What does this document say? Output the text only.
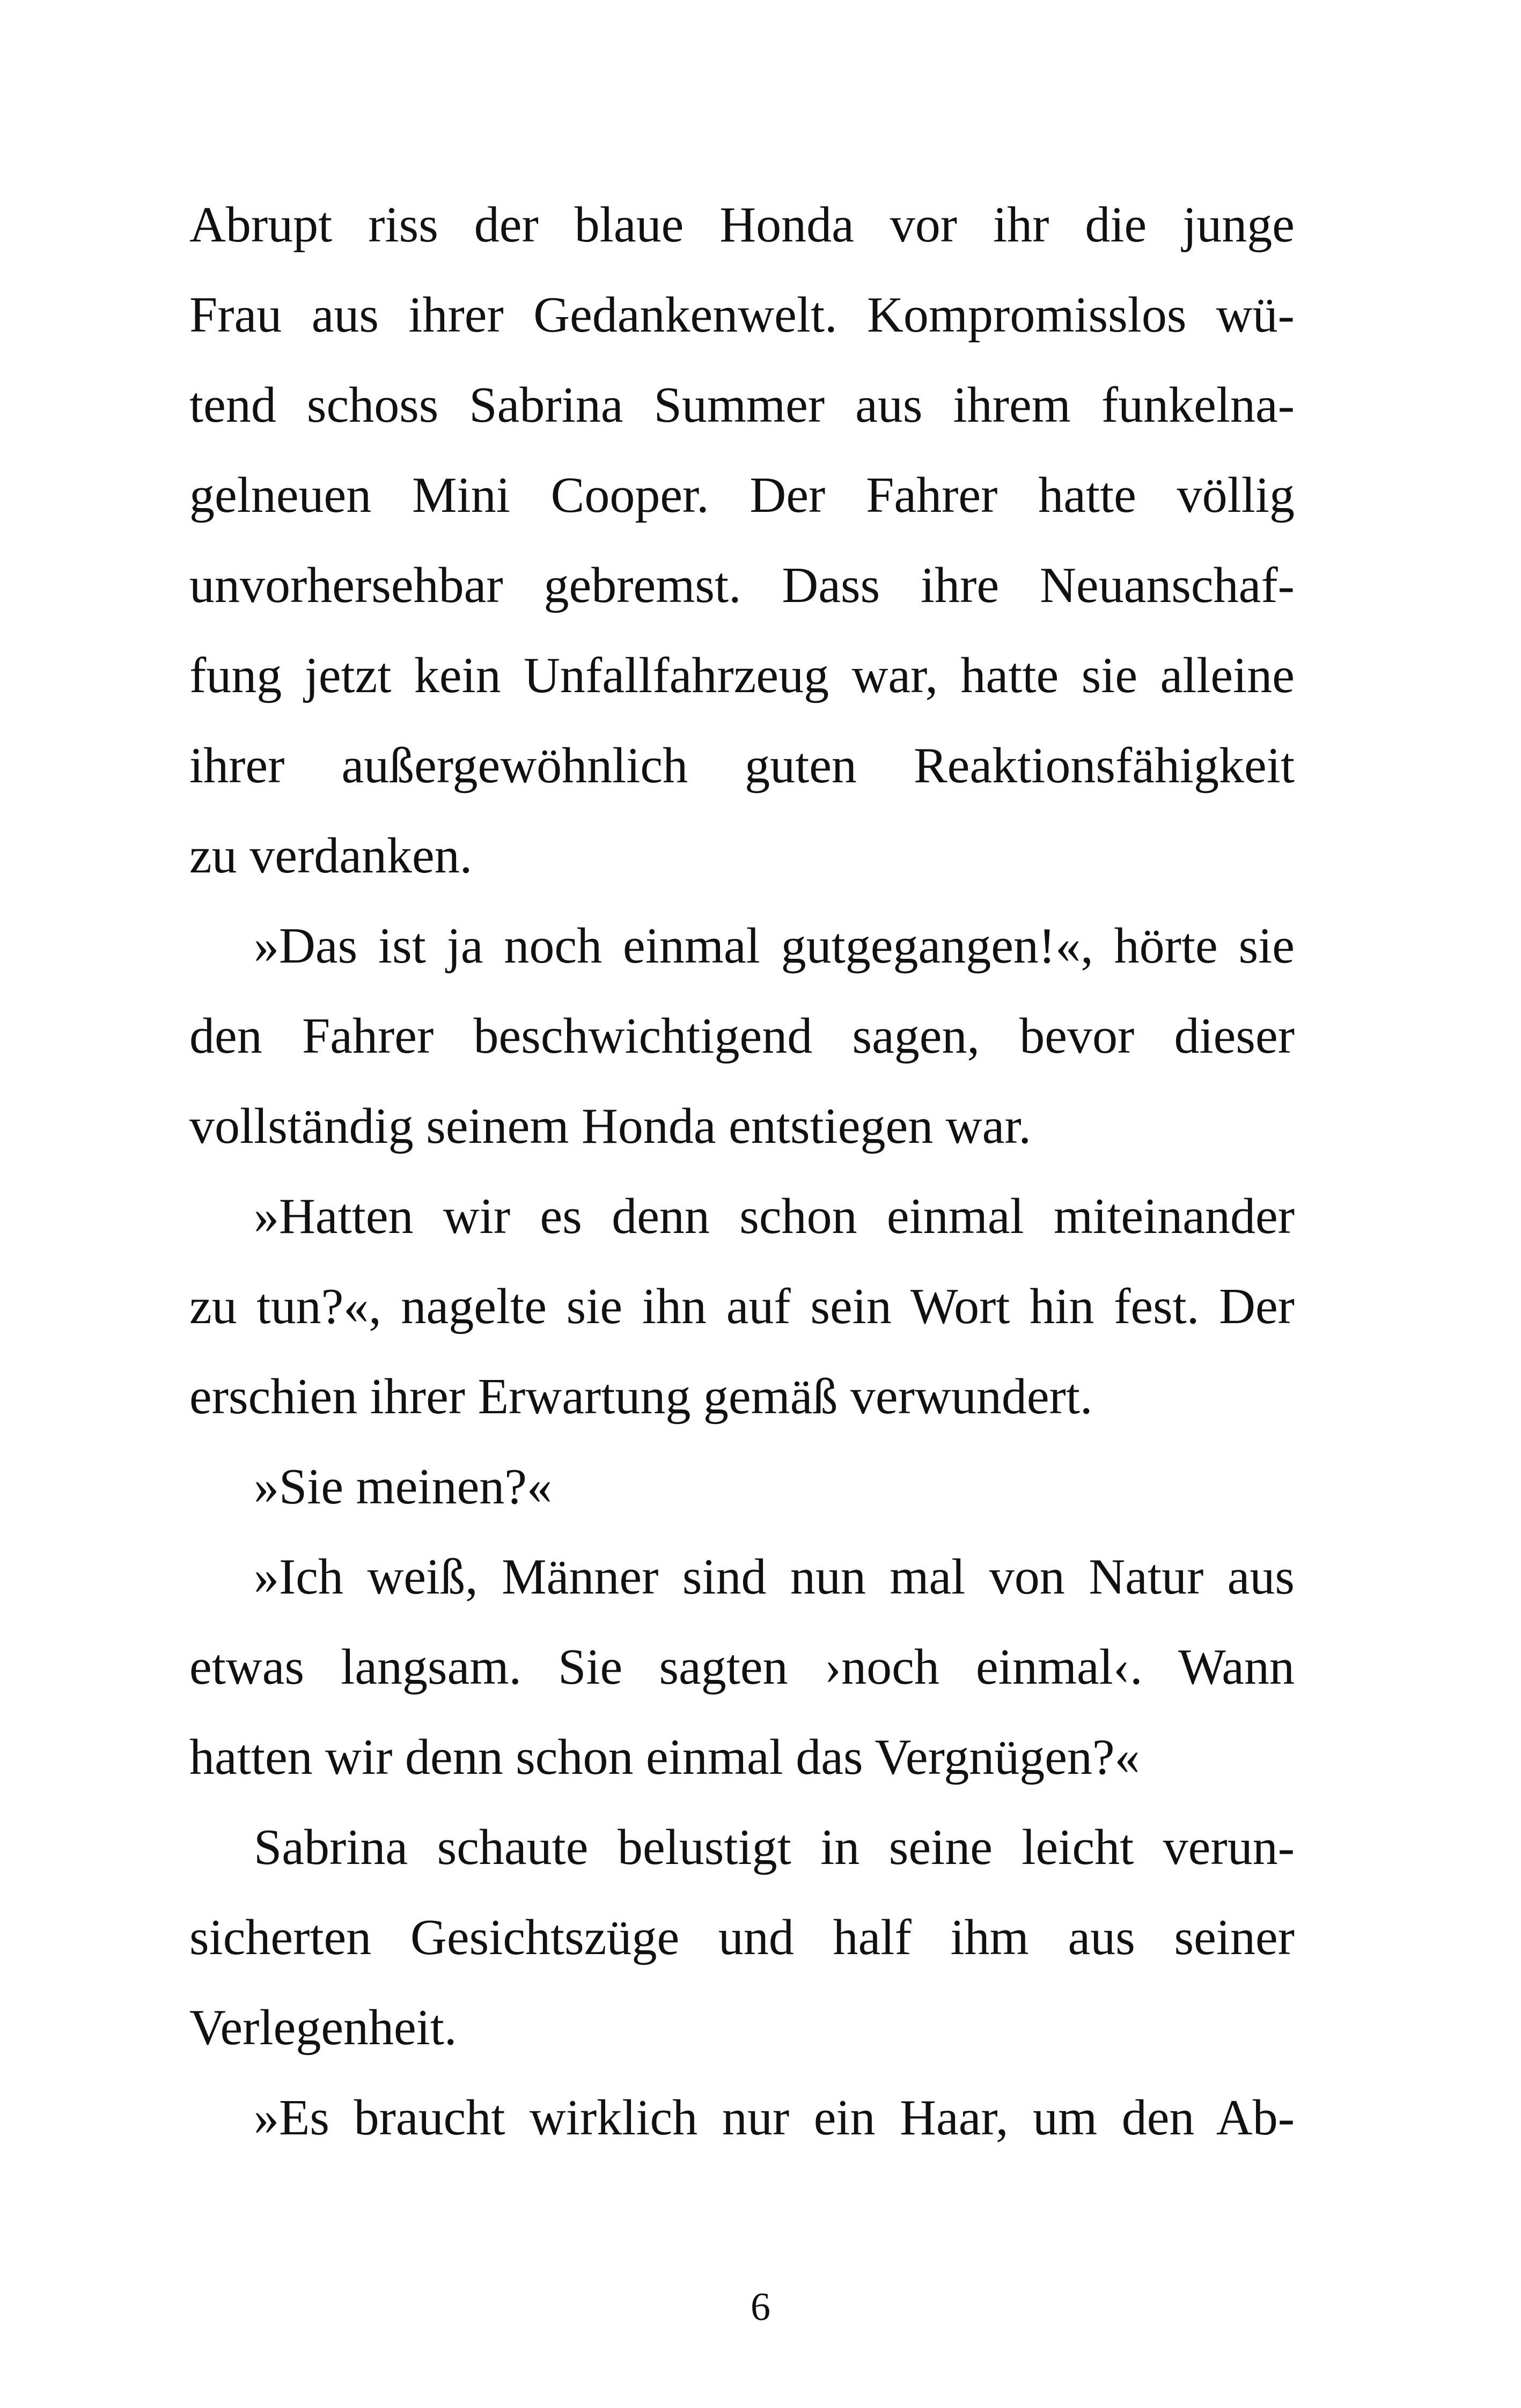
Abrupt riss der blaue Honda vor ihr die junge
Frau aus ihrer Gedankenwelt. Kompromisslos wü-
tend schoss Sabrina Summer aus ihrem funkelna-
gelneuen Mini Cooper. Der Fahrer hatte völlig
unvorhersehbar gebremst. Dass ihre Neuanschaf-
fung jetzt kein Unfallfahrzeug war, hatte sie alleine
ihrer außergewöhnlich guten Reaktionsfähigkeit
zu verdanken.
»Das ist ja noch einmal gutgegangen!«, hörte sie
den Fahrer beschwichtigend sagen, bevor dieser
vollständig seinem Honda entstiegen war.
»Hatten wir es denn schon einmal miteinander
zu tun?«, nagelte sie ihn auf sein Wort hin fest. Der
erschien ihrer Erwartung gemäß verwundert.
»Sie meinen?«
»Ich weiß, Männer sind nun mal von Natur aus
etwas langsam. Sie sagten ›noch einmal‹. Wann
hatten wir denn schon einmal das Vergnügen?«
Sabrina schaute belustigt in seine leicht verun-
sicherten Gesichtszüge und half ihm aus seiner
Verlegenheit.
»Es braucht wirklich nur ein Haar, um den Ab-
6
